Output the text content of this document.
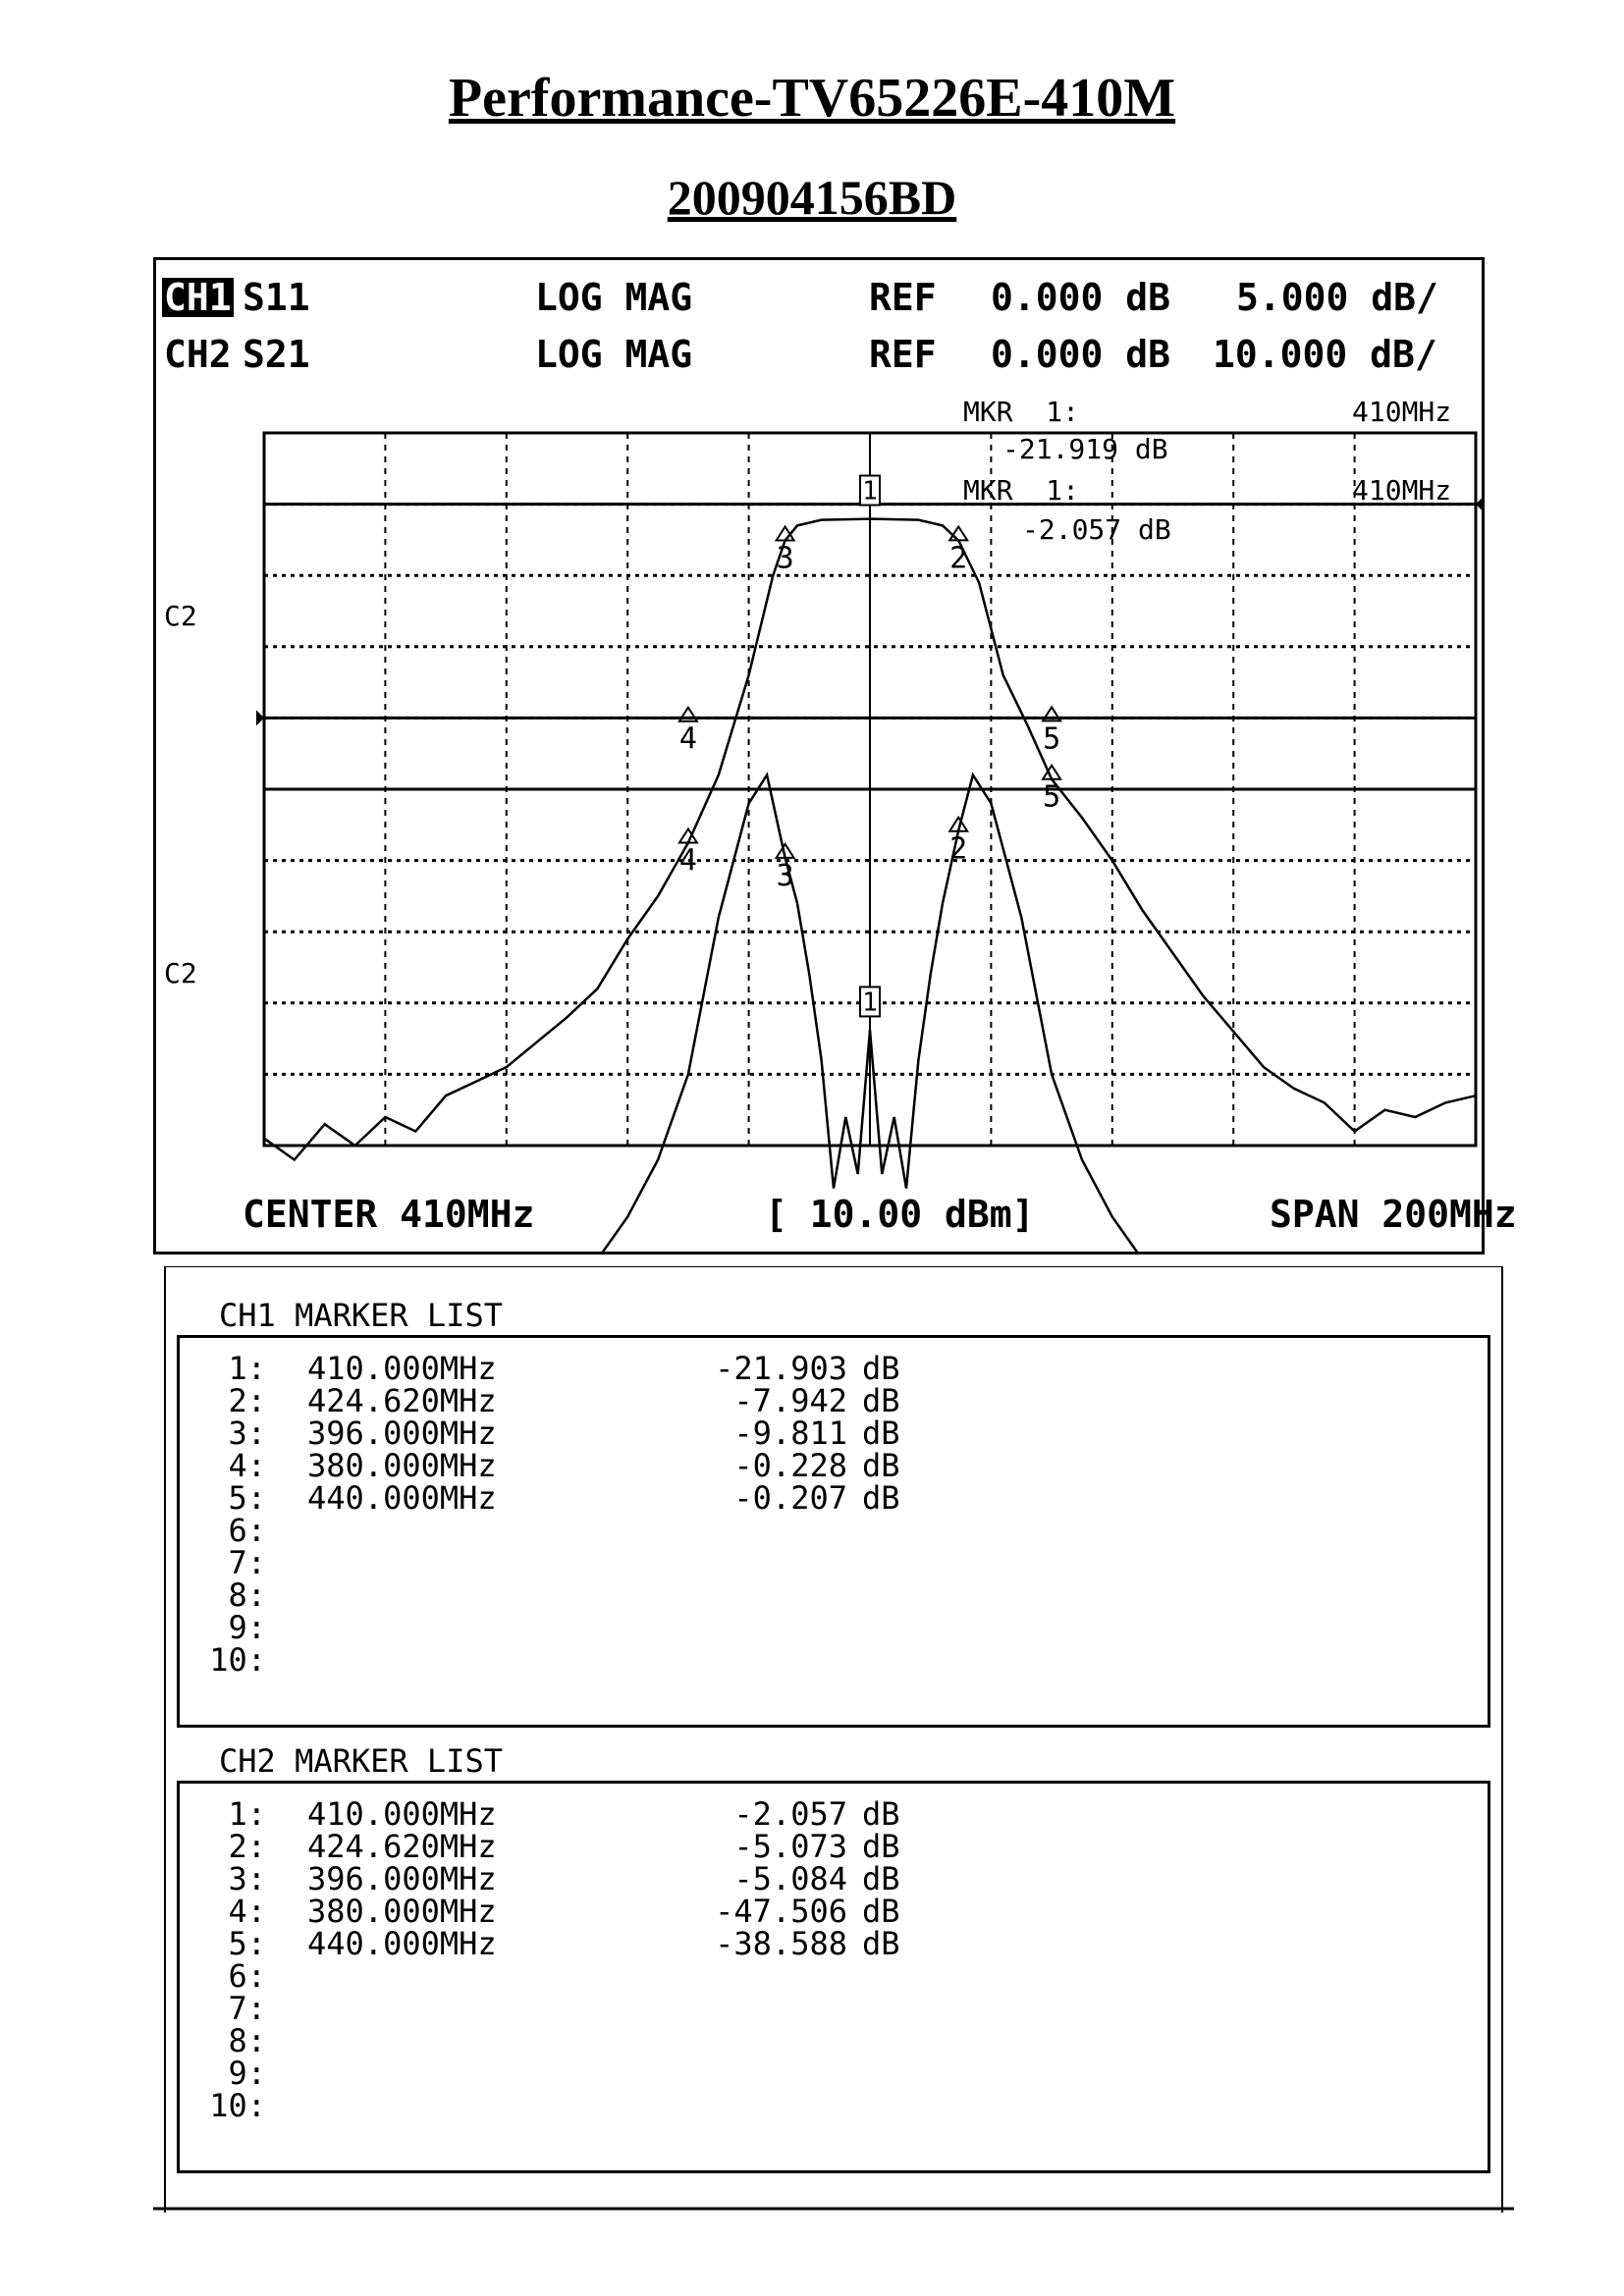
Performance-TV65226E-410M
200904156BD
CH1 S11	LOG MAG	REF 0.000 dB 5.000 dB/
CH2 S21	LOG MAG	REF 0.000 dB 10.000 dB/
MKR  1:	410MHz
-21.919 dB
MKR  1:	410MHz
-2.057 dB
C2
C2
1
2
3
4	5
1
2
3
4
5
CENTER 410MHz	[ 10.00 dBm]	SPAN 200MHz
CH1 MARKER LIST
1: 410.000MHz	-21.903 dB
2: 424.620MHz	-7.942 dB
3: 396.000MHz	-9.811 dB
4: 380.000MHz	-0.228 dB
5: 440.000MHz	-0.207 dB
6:
7:
8:
9:
10:
CH2 MARKER LIST
1: 410.000MHz	-2.057 dB
2: 424.620MHz	-5.073 dB
3: 396.000MHz	-5.084 dB
4: 380.000MHz	-47.506 dB
5: 440.000MHz	-38.588 dB
6:
7:
8:
9:
10:
